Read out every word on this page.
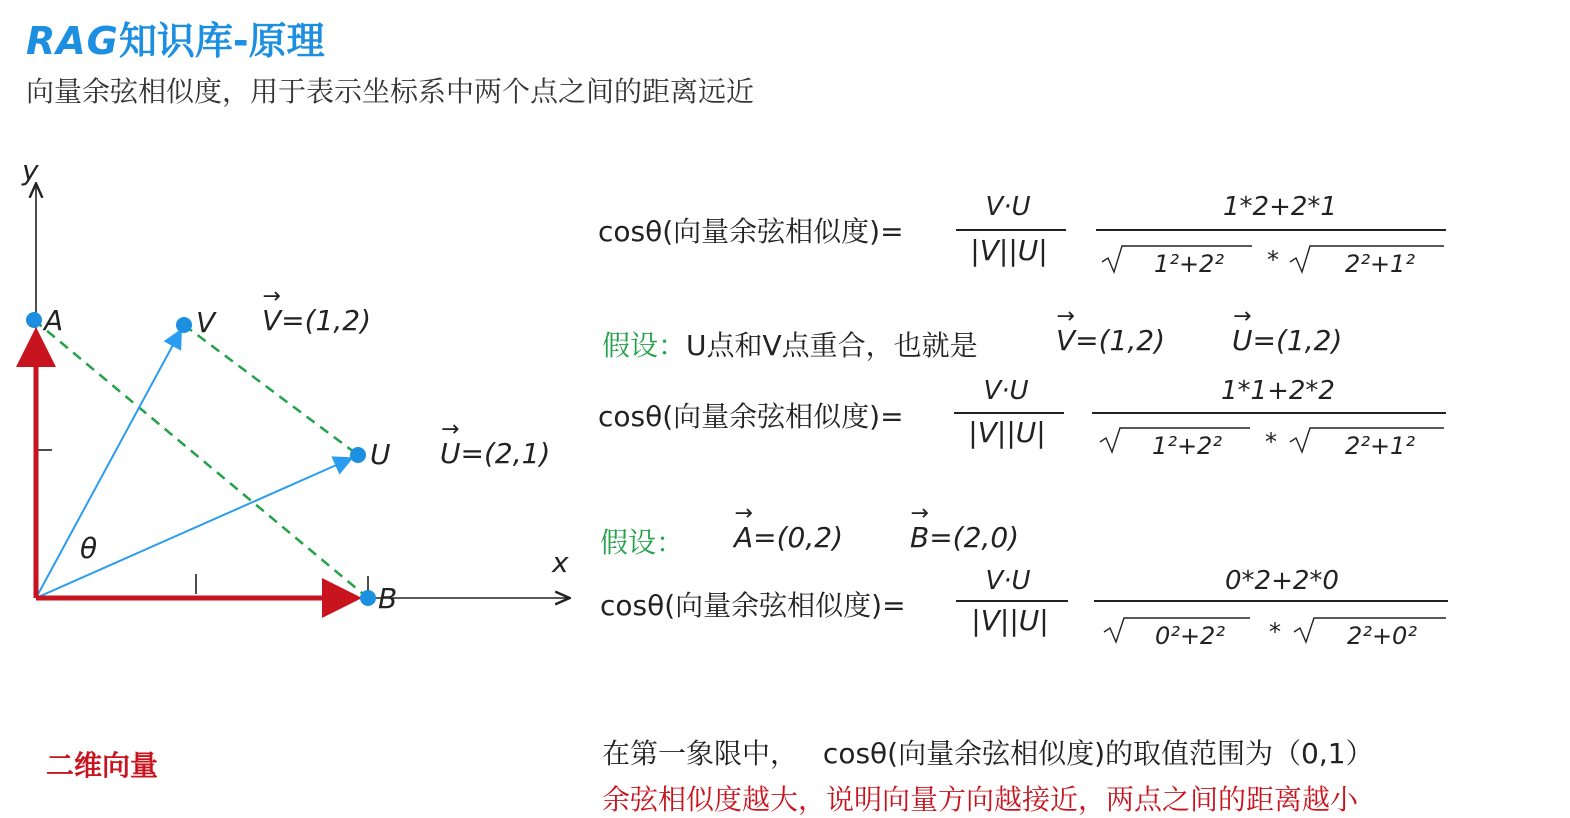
RAG知识库-原理
向量余弦相似度，用于表示坐标系中两个点之间的距离远近
y
x
A	V
U
B
θ
→ V=(1,2)
→ U=(2,1)
二维向量
cosθ(向量余弦相似度)=
V·U
|V||U|
1*2+2*1
1²+2²	*	2²+1²
假设：U点和V点重合，也就是	→ V=(1,2) → U=(1,2)
cosθ(向量余弦相似度)=
V·U
|V||U|
1*1+2*2
1²+2²	*	2²+1²
假设： → A=(0,2) → B=(2,0)
cosθ(向量余弦相似度)=
V·U
|V||U|
0*2+2*0
0²+2²	*	2²+0²
在第一象限中， cosθ(向量余弦相似度)的取值范围为（0,1）
余弦相似度越大，说明向量方向越接近，两点之间的距离越小
